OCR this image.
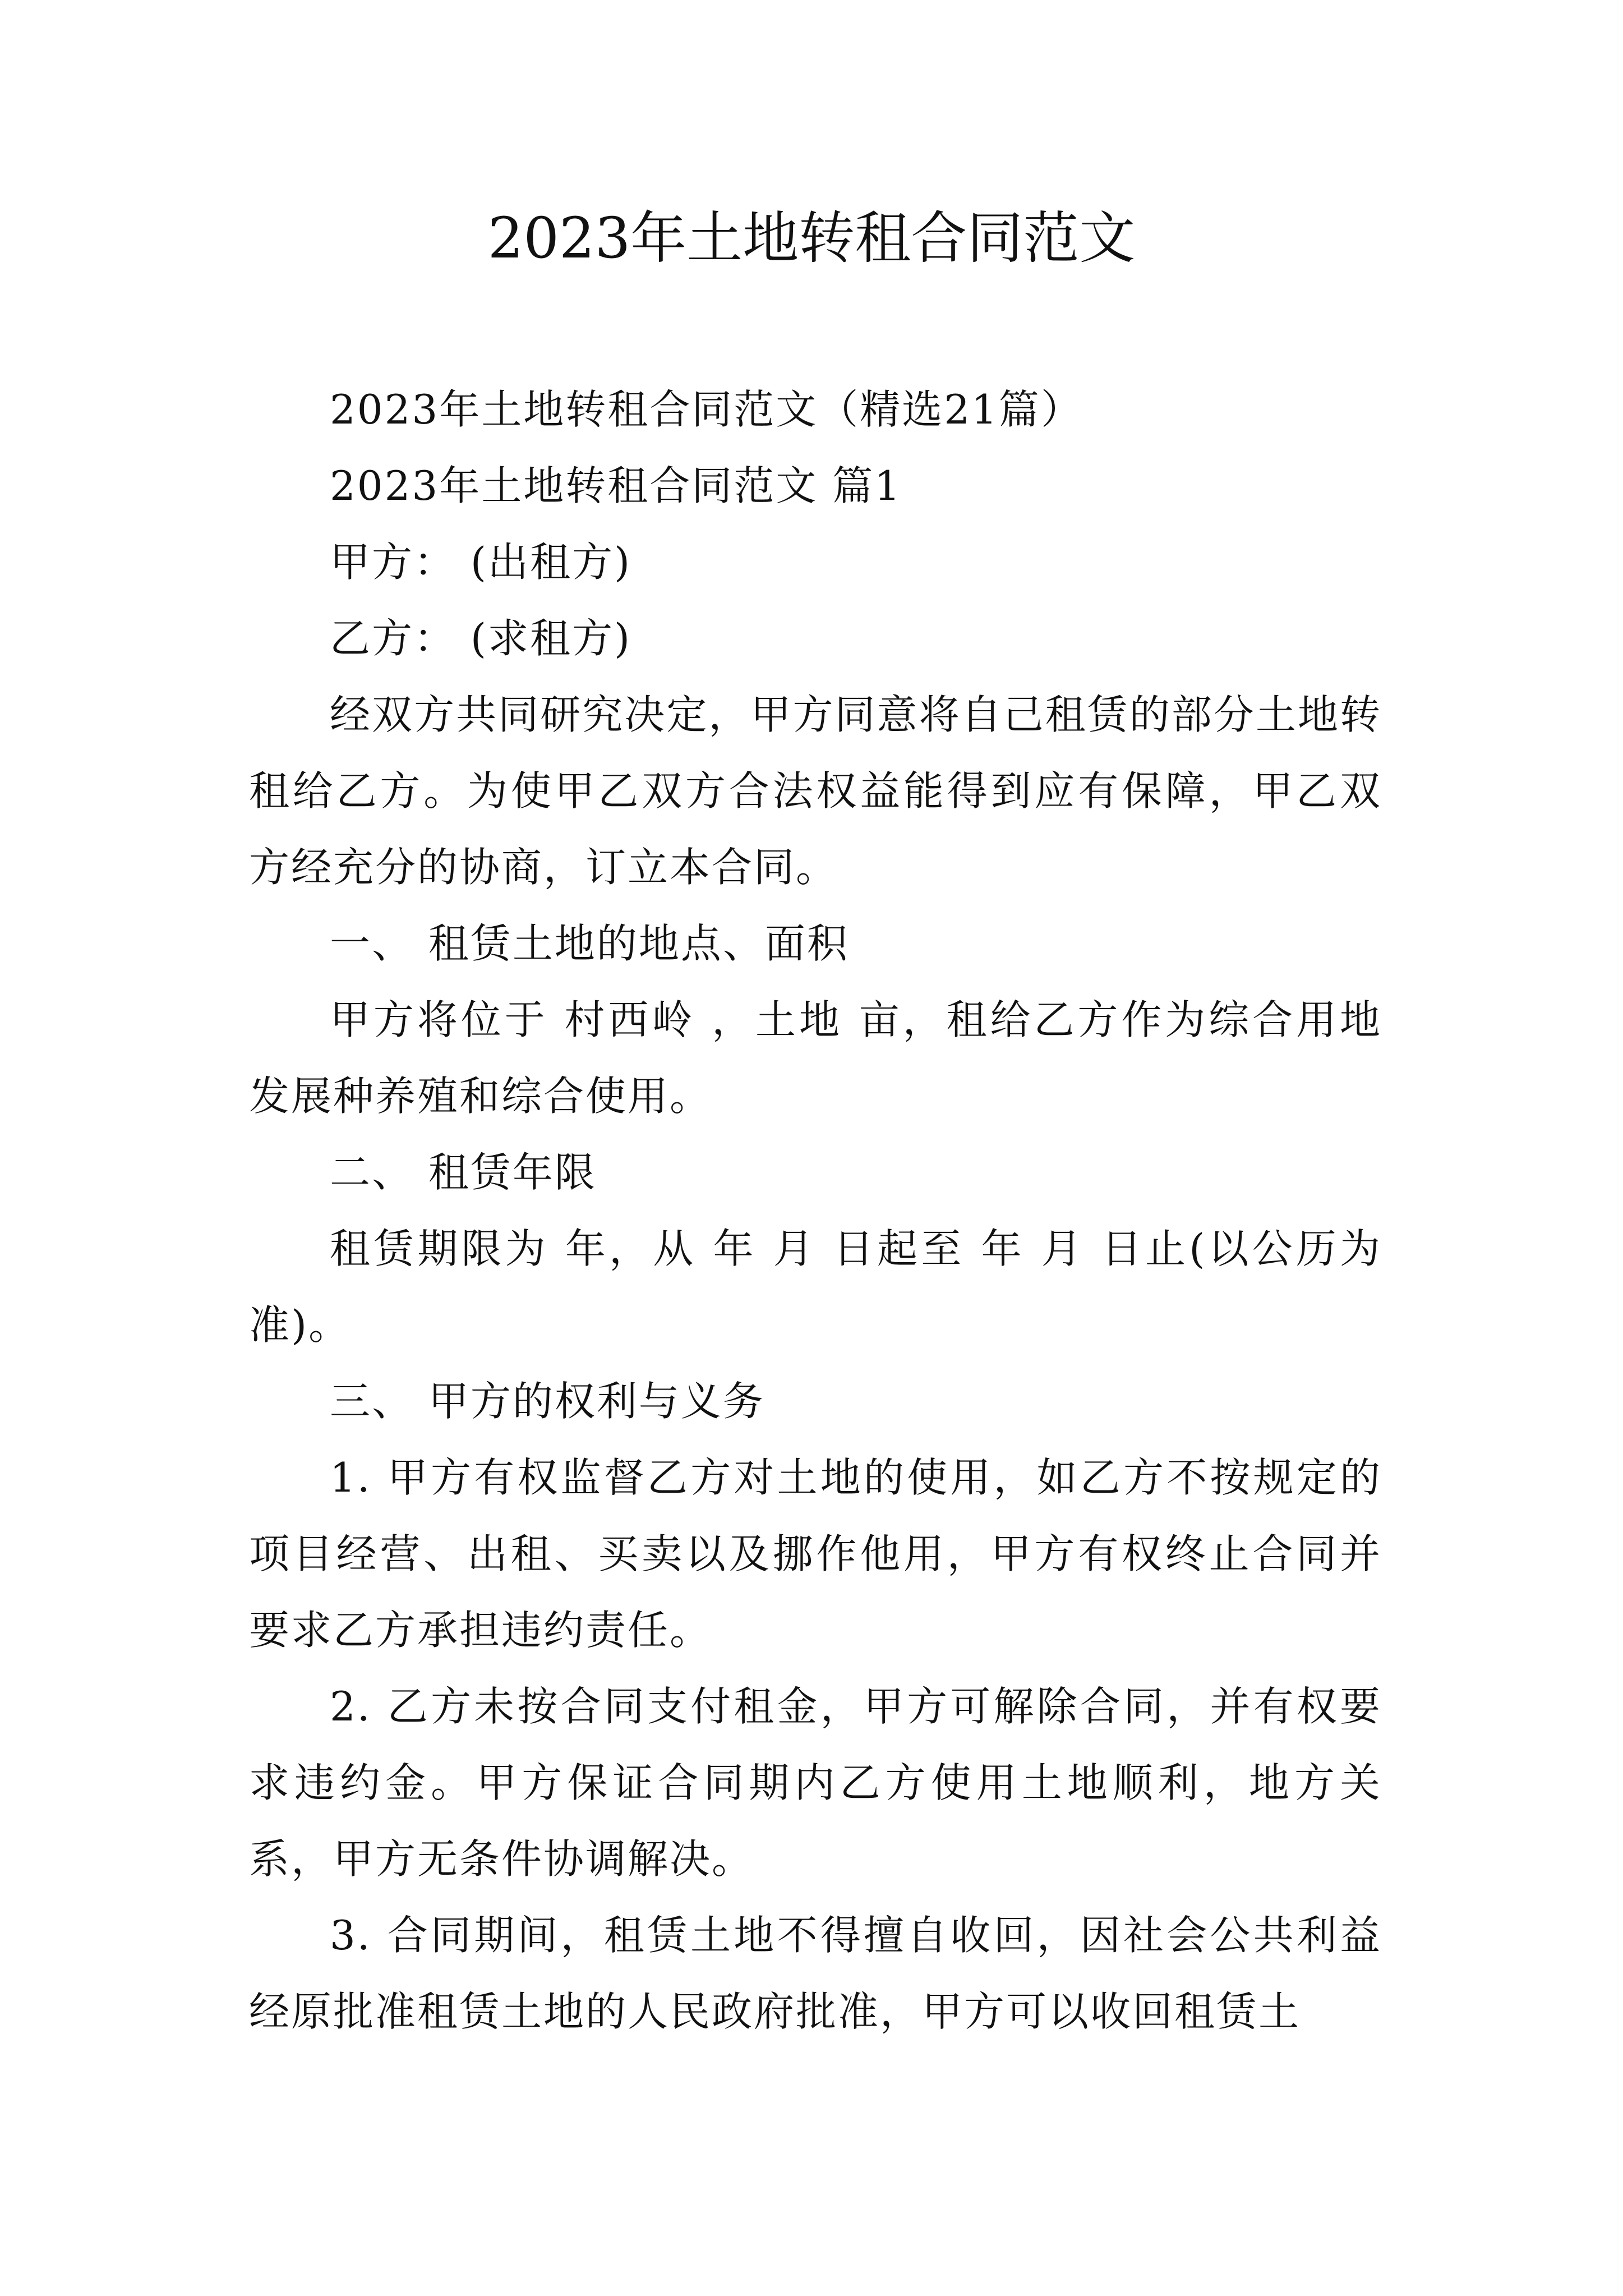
2023年土地转租合同范文

2023年土地转租合同范文（精选21篇）

2023年土地转租合同范文 篇1

甲方： (出租方)

乙方： (求租方)

经双方共同研究决定，甲方同意将自己租赁的部分土地转租给乙方。为使甲乙双方合法权益能得到应有保障，甲乙双方经充分的协商，订立本合同。

一、 租赁土地的地点、面积

甲方将位于 村西岭 ，土地 亩，租给乙方作为综合用地发展种养殖和综合使用。

二、 租赁年限

租赁期限为 年，从 年 月 日起至 年 月 日止(以公历为准)。

三、 甲方的权利与义务

1. 甲方有权监督乙方对土地的使用，如乙方不按规定的项目经营、出租、买卖以及挪作他用，甲方有权终止合同并要求乙方承担违约责任。

2. 乙方未按合同支付租金，甲方可解除合同，并有权要求违约金。甲方保证合同期内乙方使用土地顺利，地方关系，甲方无条件协调解决。

3. 合同期间，租赁土地不得擅自收回，因社会公共利益经原批准租赁土地的人民政府批准，甲方可以收回租赁土
